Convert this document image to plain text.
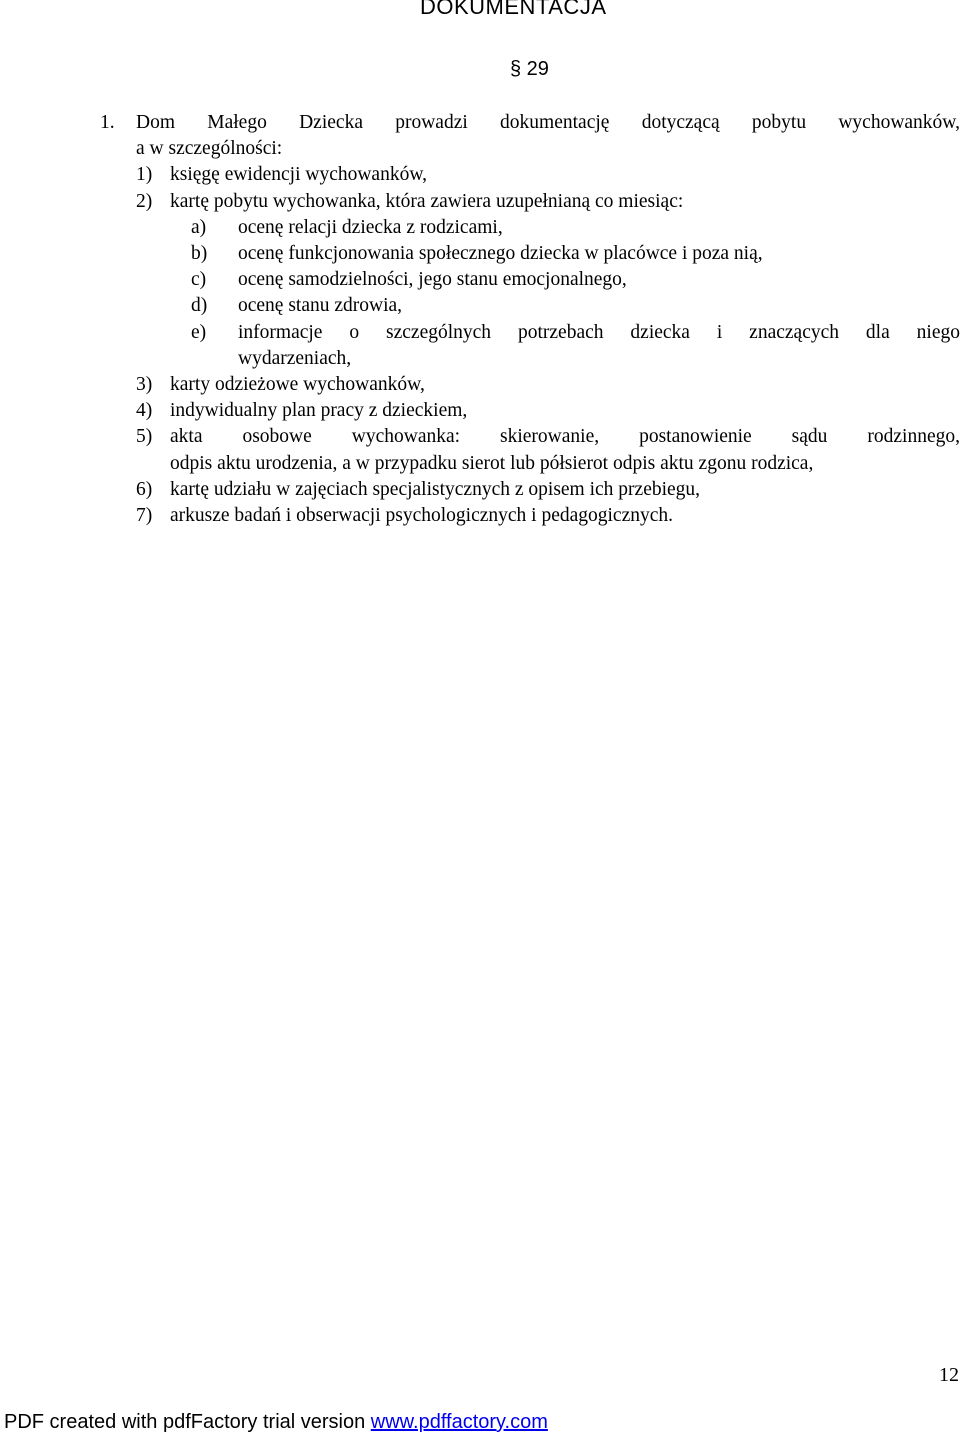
DOKUMENTACJA
§ 29
1. Dom Małego Dziecka prowadzi dokumentację dotyczącą pobytu wychowanków,
a w szczególności:
1) księgę ewidencji wychowanków,
2) kartę pobytu wychowanka, która zawiera uzupełnianą co miesiąc:
a) ocenę relacji dziecka z rodzicami,
b) ocenę funkcjonowania społecznego dziecka w placówce i poza nią,
c) ocenę samodzielności, jego stanu emocjonalnego,
d) ocenę stanu zdrowia,
e) informacje o szczególnych potrzebach dziecka i znaczących dla niego
wydarzeniach,
3) karty odzieżowe wychowanków,
4) indywidualny plan pracy z dzieckiem,
5) akta osobowe wychowanka: skierowanie, postanowienie sądu rodzinnego,
odpis aktu urodzenia, a w przypadku sierot lub półsierot odpis aktu zgonu rodzica,
6) kartę udziału w zajęciach specjalistycznych z opisem ich przebiegu,
7) arkusze badań i obserwacji psychologicznych i pedagogicznych.
12
PDF created with pdfFactory trial version www.pdffactory.com
